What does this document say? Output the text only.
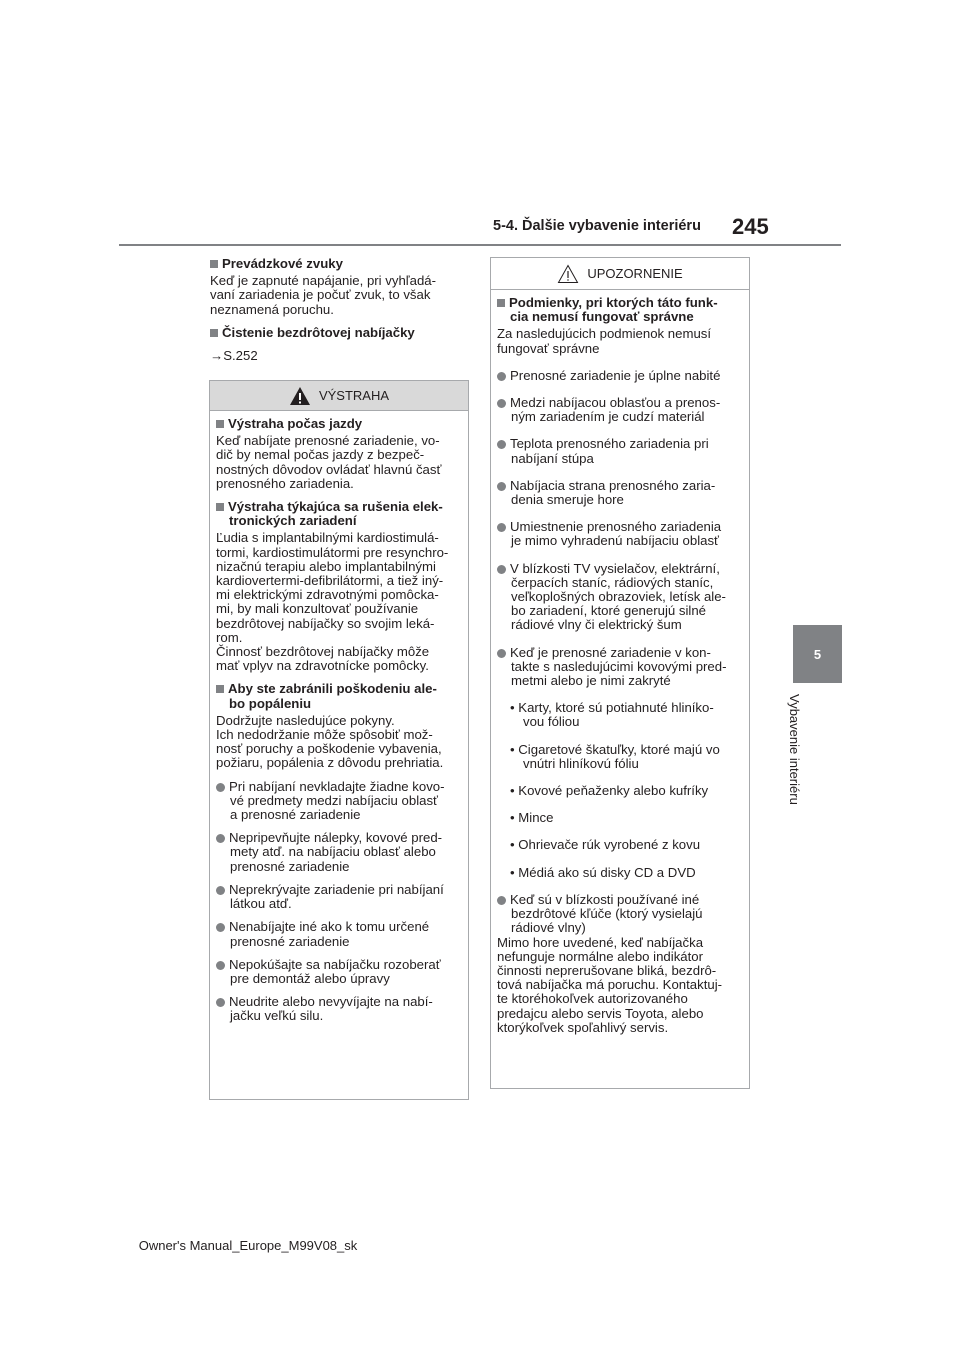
5-4. Ďalšie vybavenie interiéru 245
5
Vybavenie interiéru

Prevádzkové zvuky

Keď je zapnuté napájanie, pri vyhľadá-
vaní zariadenia je počuť zvuk, to však
neznamená poruchu.

Čistenie bezdrôtovej nabíjačky

→S.252

VÝSTRAHA

Výstraha počas jazdy

Keď nabíjate prenosné zariadenie, vo-
dič by nemal počas jazdy z bezpeč-
nostných dôvodov ovládať hlavnú časť
prenosného zariadenia.

Výstraha týkajúca sa rušenia elek-
tronických zariadení

Ľudia s implantabilnými kardiostimulá-
tormi, kardiostimulátormi pre resynchro-
nizačnú terapiu alebo implantabilnými
kardiovertermi-defibrilátormi, a tiež iný-
mi elektrickými zdravotnými pomôcka-
mi, by mali konzultovať používanie
bezdrôtovej nabíjačky so svojim leká-
rom.
Činnosť bezdrôtovej nabíjačky môže
mať vplyv na zdravotnícke pomôcky.

Aby ste zabránili poškodeniu ale-
bo popáleniu

Dodržujte nasledujúce pokyny.
Ich nedodržanie môže spôsobiť mož-
nosť poruchy a poškodenie vybavenia,
požiaru, popálenia z dôvodu prehriatia.

Pri nabíjaní nevkladajte žiadne kovo-
vé predmety medzi nabíjaciu oblasť
a prenosné zariadenie

Nepripevňujte nálepky, kovové pred-
mety atď. na nabíjaciu oblasť alebo
prenosné zariadenie

Neprekrývajte zariadenie pri nabíjaní
látkou atď.

Nenabíjajte iné ako k tomu určené
prenosné zariadenie

Nepokúšajte sa nabíjačku rozoberať
pre demontáž alebo úpravy

Neudrite alebo nevyvíjajte na nabí-
jačku veľkú silu.

UPOZORNENIE

Podmienky, pri ktorých táto funk-
cia nemusí fungovať správne

Za nasledujúcich podmienok nemusí
fungovať správne

Prenosné zariadenie je úplne nabité

Medzi nabíjacou oblasťou a prenos-
ným zariadením je cudzí materiál

Teplota prenosného zariadenia pri
nabíjaní stúpa

Nabíjacia strana prenosného zaria-
denia smeruje hore

Umiestnenie prenosného zariadenia
je mimo vyhradenú nabíjaciu oblasť

V blízkosti TV vysielačov, elektrární,
čerpacích staníc, rádiových staníc,
veľkoplošných obrazoviek, letísk ale-
bo zariadení, ktoré generujú silné
rádiové vlny či elektrický šum

Keď je prenosné zariadenie v kon-
takte s nasledujúcimi kovovými pred-
metmi alebo je nimi zakryté

• Karty, ktoré sú potiahnuté hliníko-
vou fóliou

• Cigaretové škatuľky, ktoré majú vo
vnútri hliníkovú fóliu

• Kovové peňaženky alebo kufríky

• Mince

• Ohrievače rúk vyrobené z kovu

• Médiá ako sú disky CD a DVD

Keď sú v blízkosti používané iné
bezdrôtové kľúče (ktorý vysielajú
rádiové vlny)

Mimo hore uvedené, keď nabíjačka
nefunguje normálne alebo indikátor
činnosti neprerušovane bliká, bezdrô-
tová nabíjačka má poruchu. Kontaktuj-
te ktoréhokoľvek autorizovaného
predajcu alebo servis Toyota, alebo
ktorýkoľvek spoľahlivý servis.

Owner's Manual_Europe_M99V08_sk
